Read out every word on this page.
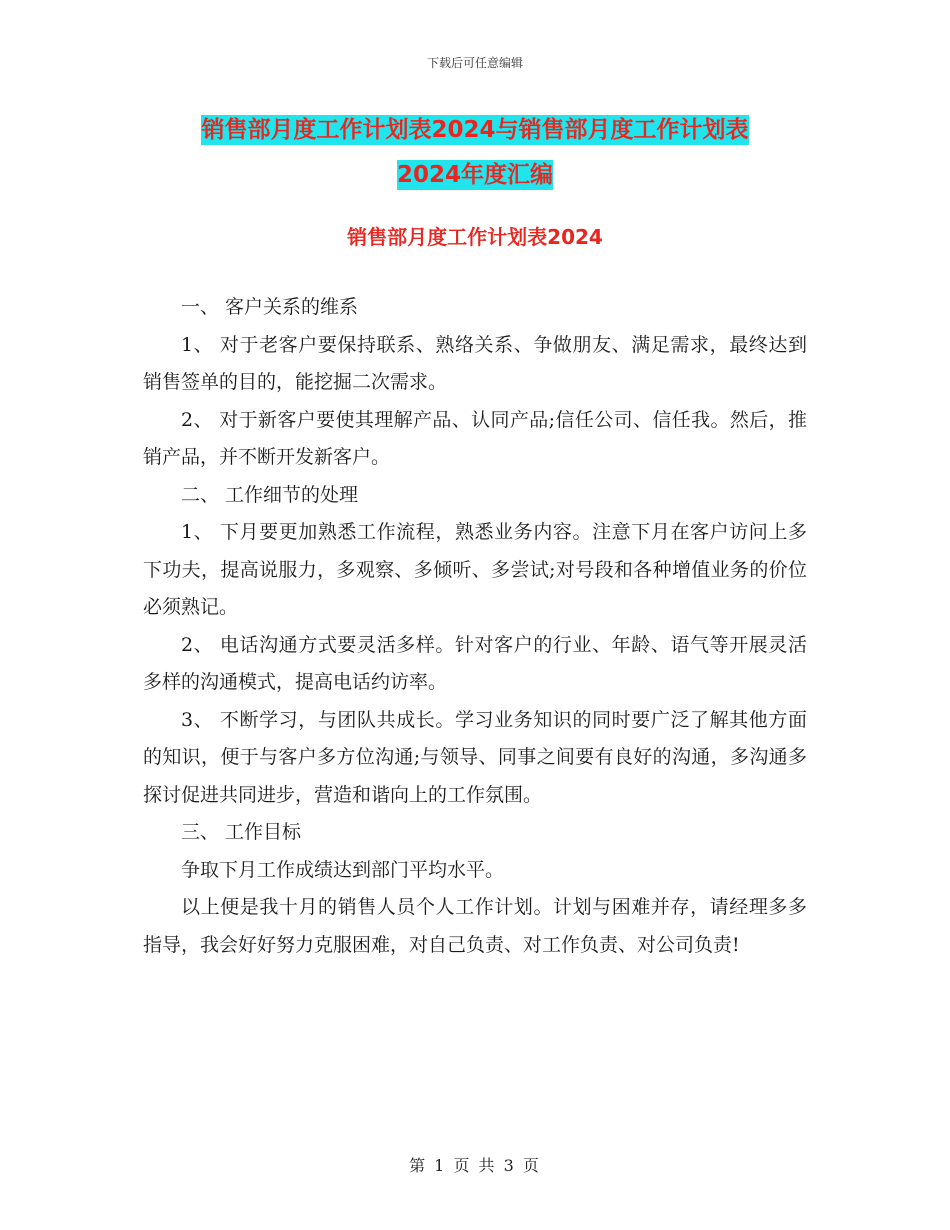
下载后可任意编辑
销售部月度工作计划表2024与销售部月度工作计划表
2024年度汇编
销售部月度工作计划表2024

一、 客户关系的维系

1、 对于老客户要保持联系、熟络关系、争做朋友、满足需求，最终达到销售签单的目的，能挖掘二次需求。

2、 对于新客户要使其理解产品、认同产品;信任公司、信任我。然后，推销产品，并不断开发新客户。

二、 工作细节的处理

1、 下月要更加熟悉工作流程，熟悉业务内容。注意下月在客户访问上多下功夫，提高说服力，多观察、多倾听、多尝试;对号段和各种增值业务的价位必须熟记。

2、 电话沟通方式要灵活多样。针对客户的行业、年龄、语气等开展灵活多样的沟通模式，提高电话约访率。

3、 不断学习，与团队共成长。学习业务知识的同时要广泛了解其他方面的知识，便于与客户多方位沟通;与领导、同事之间要有良好的沟通，多沟通多探讨促进共同进步，营造和谐向上的工作氛围。

三、 工作目标

争取下月工作成绩达到部门平均水平。

以上便是我十月的销售人员个人工作计划。计划与困难并存，请经理多多指导，我会好好努力克服困难，对自己负责、对工作负责、对公司负责!

第 1 页 共 3 页
